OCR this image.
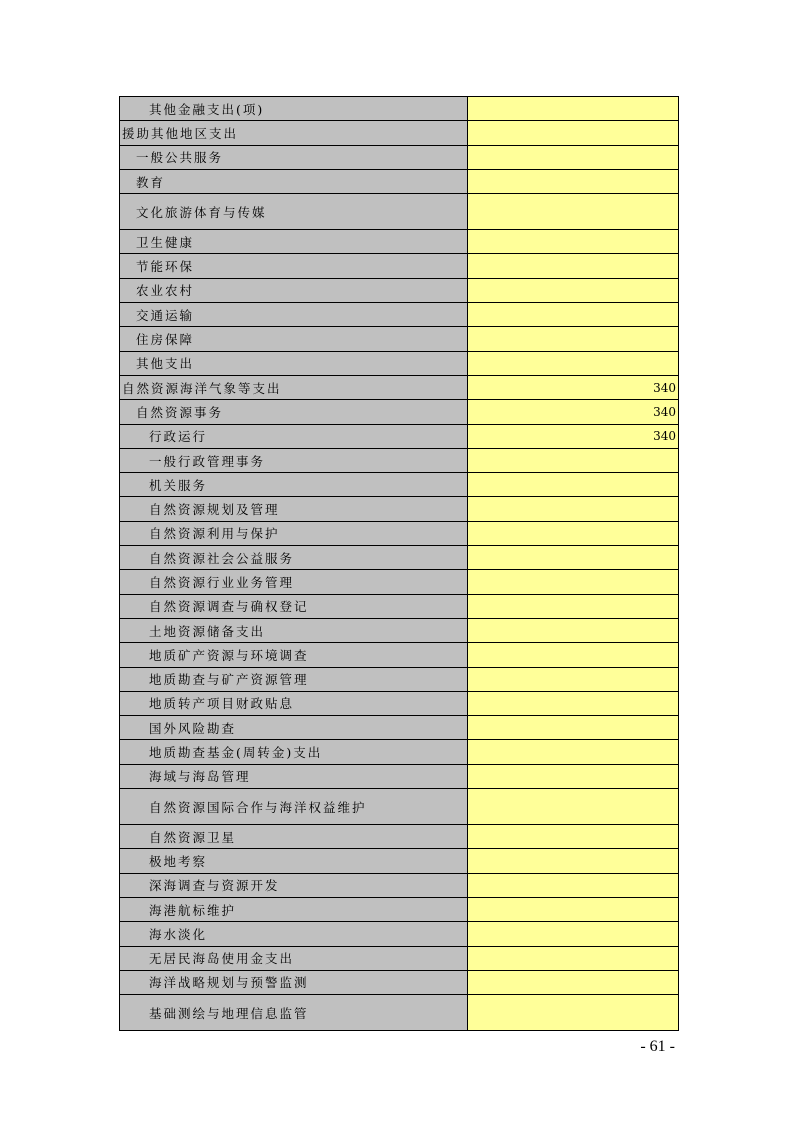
其他金融支出(项)
援助其他地区支出
一般公共服务
教育
文化旅游体育与传媒
卫生健康
节能环保
农业农村
交通运输
住房保障
其他支出
自然资源海洋气象等支出	340
自然资源事务	340
行政运行	340
一般行政管理事务
机关服务
自然资源规划及管理
自然资源利用与保护
自然资源社会公益服务
自然资源行业业务管理
自然资源调查与确权登记
土地资源储备支出
地质矿产资源与环境调查
地质勘查与矿产资源管理
地质转产项目财政贴息
国外风险勘查
地质勘查基金(周转金)支出
海域与海岛管理
自然资源国际合作与海洋权益维护
自然资源卫星
极地考察
深海调查与资源开发
海港航标维护
海水淡化
无居民海岛使用金支出
海洋战略规划与预警监测
基础测绘与地理信息监管
- 61 -
